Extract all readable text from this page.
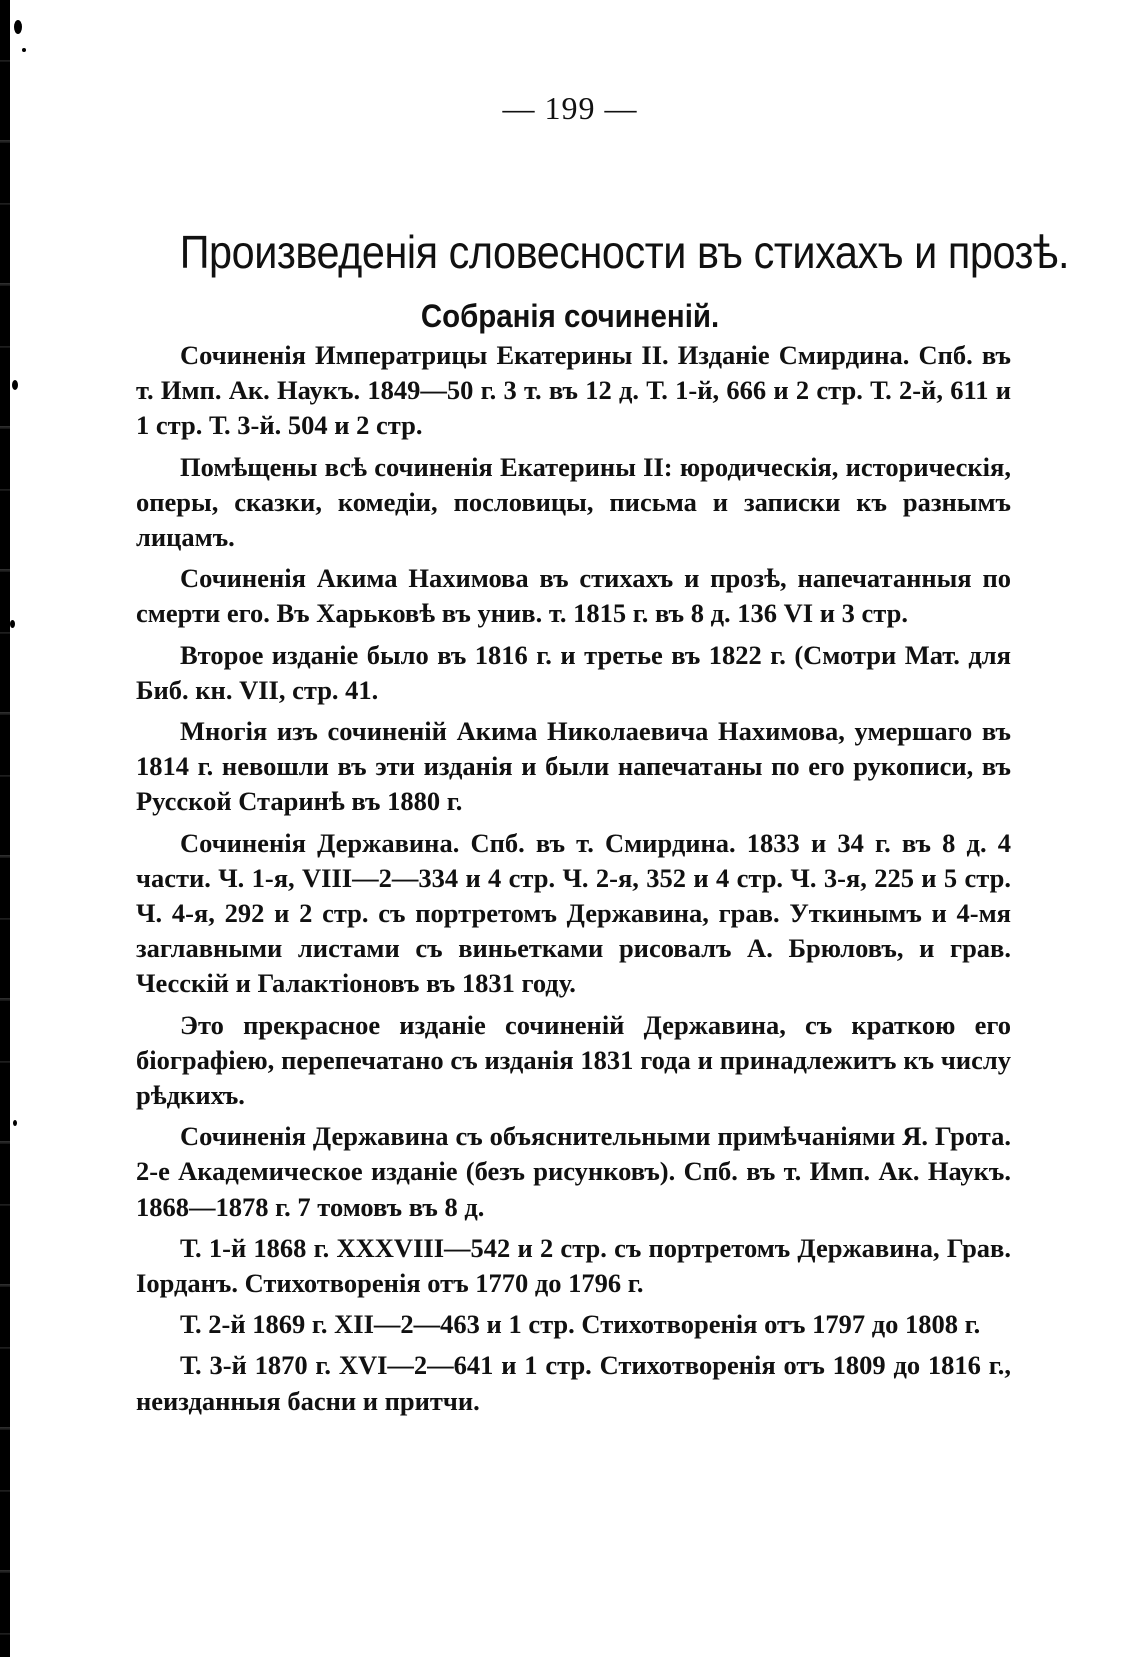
— 199 —
Произведенія словесности въ стихахъ и прозѣ.
Собранія сочиненій.

Сочиненія Императрицы Екатерины II. Изданіе Смирдина. Спб. въ т. Имп. Ак. Наукъ. 1849—50 г. 3 т. въ 12 д. Т. 1-й, 666 и 2 стр. Т. 2-й, 611 и 1 стр. Т. 3-й. 504 и 2 стр.

Помѣщены всѣ сочиненія Екатерины II: юродическія, историческія, оперы, сказки, комедіи, пословицы, письма и записки къ разнымъ лицамъ.

Сочиненія Акима Нахимова въ стихахъ и прозѣ, напечатанныя по смерти его. Въ Харьковѣ въ унив. т. 1815 г. въ 8 д. 136 VI и 3 стр.

Второе изданіе было въ 1816 г. и третье въ 1822 г. (Смотри Мат. для Биб. кн. VII, стр. 41.

Многія изъ сочиненій Акима Николаевича Нахимова, умершаго въ 1814 г. невошли въ эти изданія и были напечатаны по его рукописи, въ Русской Старинѣ въ 1880 г.

Сочиненія Державина. Спб. въ т. Смирдина. 1833 и 34 г. въ 8 д. 4 части. Ч. 1-я, VIII—2—334 и 4 стр. Ч. 2-я, 352 и 4 стр. Ч. 3-я, 225 и 5 стр. Ч. 4-я, 292 и 2 стр. съ портретомъ Державина, грав. Уткинымъ и 4-мя заглавными листами съ виньетками рисовалъ А. Брюловъ, и грав. Чесскій и Галактіоновъ въ 1831 году.

Это прекрасное изданіе сочиненій Державина, съ краткою его біографіею, перепечатано съ изданія 1831 года и принадлежитъ къ числу рѣдкихъ.

Сочиненія Державина съ объяснительными примѣчаніями Я. Грота. 2-е Академическое изданіе (безъ рисунковъ). Спб. въ т. Имп. Ак. Наукъ. 1868—1878 г. 7 томовъ въ 8 д.

Т. 1-й 1868 г. XXXVIII—542 и 2 стр. съ портретомъ Державина, Грав. Іорданъ. Стихотворенія отъ 1770 до 1796 г.

Т. 2-й 1869 г. XII—2—463 и 1 стр. Стихотворенія отъ 1797 до 1808 г.

Т. 3-й 1870 г. XVI—2—641 и 1 стр. Стихотворенія отъ 1809 до 1816 г., неизданныя басни и притчи.
